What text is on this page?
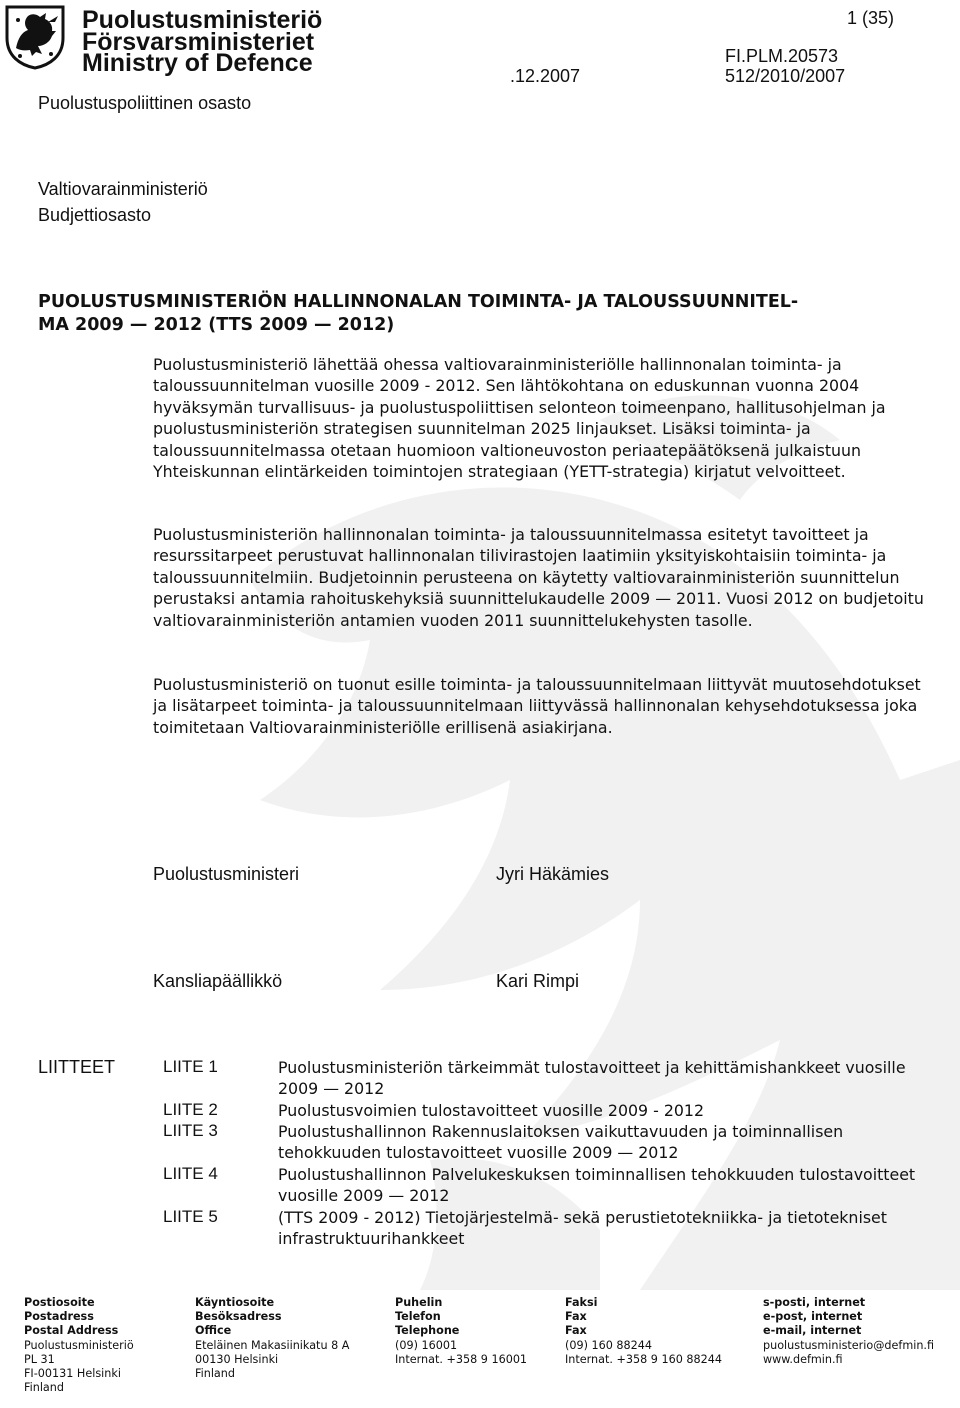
Puolustusministeriö
Försvarsministeriet
Ministry of Defence
1 (35)
FI.PLM.20573
.12.2007	512/2010/2007
Puolustuspoliittinen osasto
Valtiovarainministeriö
Budjettiosasto
PUOLUSTUSMINISTERIÖN HALLINNONALAN TOIMINTA- JA TALOUSSUUNNITEL-
MA 2009 — 2012 (TTS 2009 — 2012)
Puolustusministeriö lähettää ohessa valtiovarainministeriölle hallinnonalan toiminta- ja taloussuunnitelman vuosille 2009 - 2012. Sen lähtökohtana on eduskunnan vuonna 2004 hyväksymän turvallisuus- ja puolustuspoliittisen selonteon toimeenpano, hallitusohjelman ja puolustusministeriön strategisen suunnitelman 2025 linjaukset. Lisäksi toiminta- ja taloussuunnitelmassa otetaan huomioon valtioneuvoston periaatepäätöksenä julkaistuun Yhteiskunnan elintärkeiden toimintojen strategiaan (YETT-strategia) kirjatut velvoitteet.
Puolustusministeriön hallinnonalan toiminta- ja taloussuunnitelmassa esitetyt tavoitteet ja resurssitarpeet perustuvat hallinnonalan tilivirastojen laatimiin yksityiskohtaisiin toiminta- ja taloussuunnitelmiin. Budjetoinnin perusteena on käytetty valtiovarainministeriön suunnittelun perustaksi antamia rahoituskehyksiä suunnittelukaudelle 2009 — 2011. Vuosi 2012 on budjetoitu valtiovarainministeriön antamien vuoden 2011 suunnittelukehysten tasolle.
Puolustusministeriö on tuonut esille toiminta- ja taloussuunnitelmaan liittyvät muutosehdotukset ja lisätarpeet toiminta- ja taloussuunnitelmaan liittyvässä hallinnonalan kehysehdotuksessa joka toimitetaan Valtiovarainministeriölle erillisenä asiakirjana.
Puolustusministeri	Jyri Häkämies
Kansliapäällikkö	Kari Rimpi
LIITTEET	LIITE 1	Puolustusministeriön tärkeimmät tulostavoitteet ja kehittämishankkeet vuosille 2009 — 2012
LIITE 2	Puolustusvoimien tulostavoitteet vuosille 2009 - 2012
LIITE 3	Puolustushallinnon Rakennuslaitoksen vaikuttavuuden ja toiminnallisen tehokkuuden tulostavoitteet vuosille 2009 — 2012
LIITE 4	Puolustushallinnon Palvelukeskuksen toiminnallisen tehokkuuden tulostavoitteet vuosille 2009 — 2012
LIITE 5	(TTS 2009 - 2012) Tietojärjestelmä- sekä perustietotekniikka- ja tietotekniset infrastruktuurihankkeet
Postiosoite
Postadress
Postal Address
Puolustusministeriö
PL 31
FI-00131 Helsinki
Finland
Käyntiosoite
Besöksadress
Office
Eteläinen Makasiinikatu 8 A
00130 Helsinki
Finland
Puhelin
Telefon
Telephone
(09) 16001
Internat. +358 9 16001
Faksi
Fax
Fax
(09) 160 88244
Internat. +358 9 160 88244
s-posti, internet
e-post, internet
e-mail, internet
puolustusministerio@defmin.fi
www.defmin.fi
